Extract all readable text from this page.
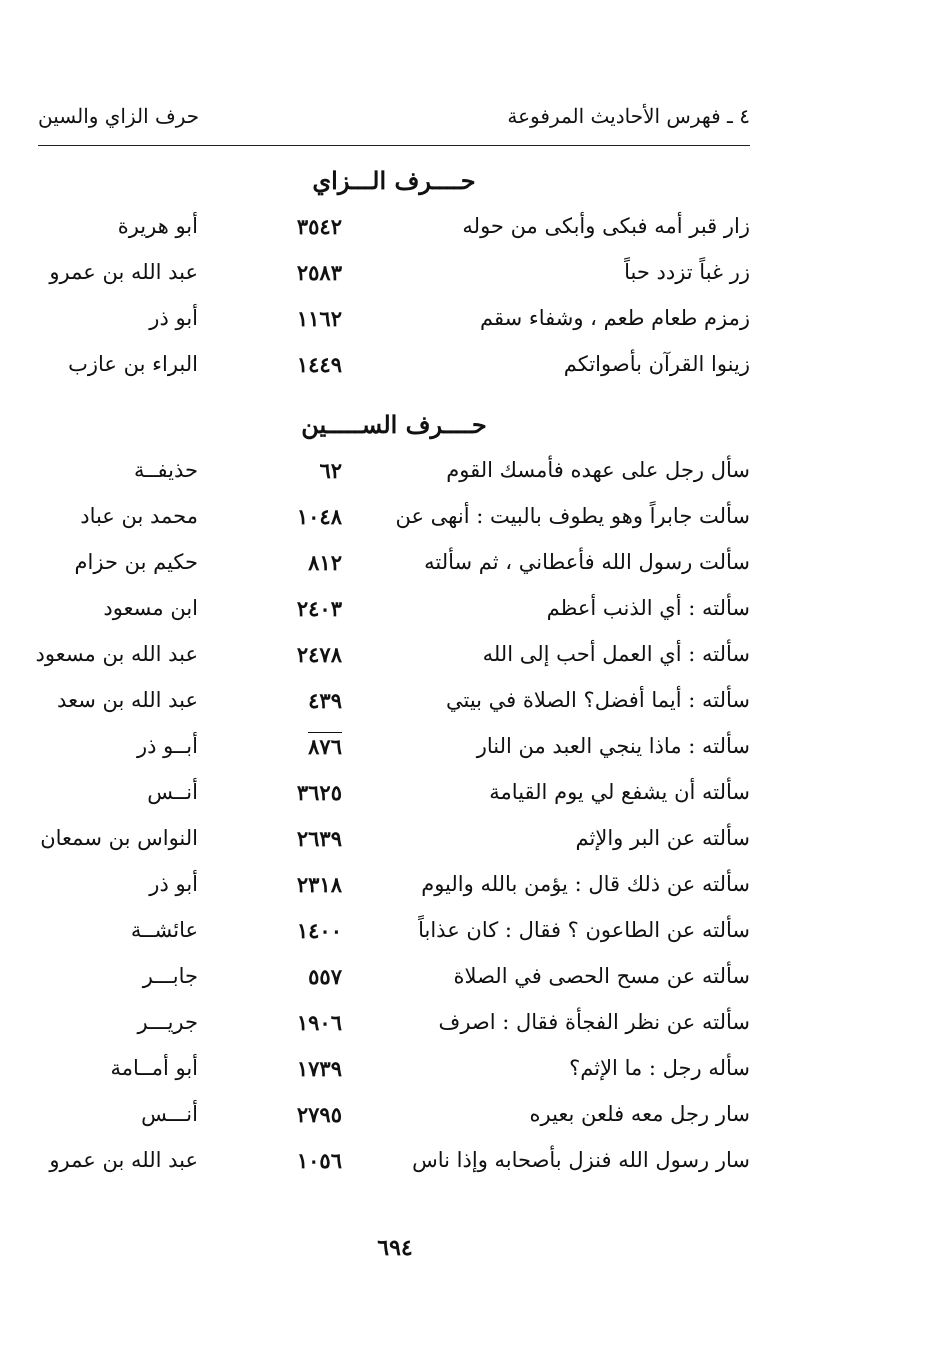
٤ ـ فهرس الأحاديث المرفوعة
حرف الزاي والسين
حــــرف الـــزاي
زار قبر أمه فبكى وأبكى من حوله
٣٥٤٢
أبو هريرة
زر غباً تزدد حباً
٢٥٨٣
عبد الله بن عمرو
زمزم طعام طعم ، وشفاء سقم
١١٦٢
أبو ذر
زينوا القرآن بأصواتكم
١٤٤٩
البراء بن عازب
حــــرف الســـــين
سأل رجل على عهده فأمسك القوم
٦٢
حذيفــة
سألت جابراً وهو يطوف بالبيت : أنهى عن
١٠٤٨
محمد بن عباد
سألت رسول الله فأعطاني ، ثم سألته
٨١٢
حكيم بن حزام
سألته : أي الذنب أعظم
٢٤٠٣
ابن مسعود
سألته : أي العمل أحب إلى الله
٢٤٧٨
عبد الله بن مسعود
سألته : أيما أفضل؟ الصلاة في بيتي
٤٣٩
عبد الله بن سعد
سألته : ماذا ينجي العبد من النار
٨٧٦
أبــو ذر
سألته أن يشفع لي يوم القيامة
٣٦٢٥
أنــس
سألته عن البر والإثم
٢٦٣٩
النواس بن سمعان
سألته عن ذلك قال : يؤمن بالله واليوم
٢٣١٨
أبو ذر
سألته عن الطاعون ؟ فقال : كان عذاباً
١٤٠٠
عائشــة
سألته عن مسح الحصى في الصلاة
٥٥٧
جابـــر
سألته عن نظر الفجأة فقال : اصرف
١٩٠٦
جريـــر
سأله رجل : ما الإثم؟
١٧٣٩
أبو أمــامة
سار رجل معه فلعن بعيره
٢٧٩٥
أنـــس
سار رسول الله فنزل بأصحابه وإذا ناس
١٠٥٦
عبد الله بن عمرو
٦٩٤
